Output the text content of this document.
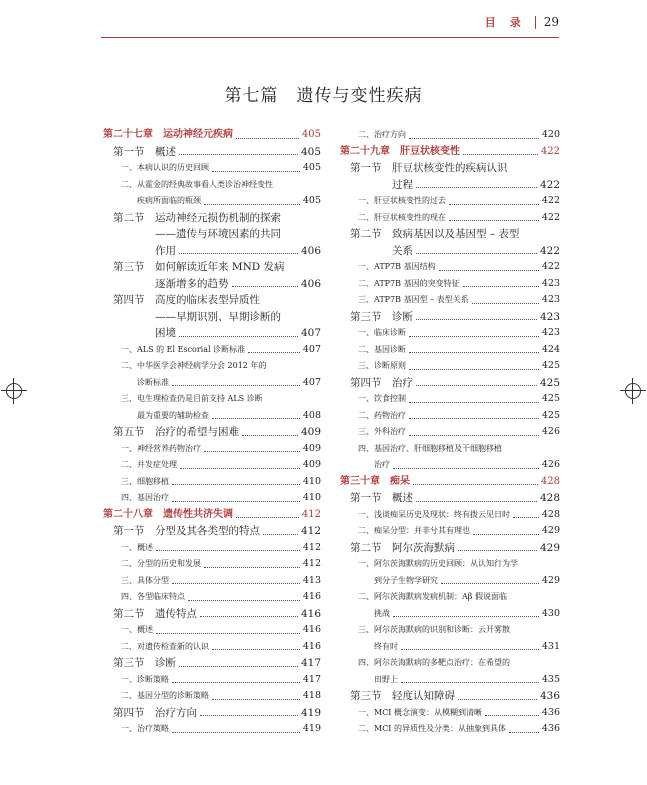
目录 29
第七篇　遗传与变性疾病
第二十七章　运动神经元疾病	405
第一节　概述	405
一、本病认识的历史回顾	405
二、从霍金的经典故事看人类诊治神经变性
疾病所面临的瓶颈	405
第二节　运动神经元损伤机制的探索
——遗传与环境因素的共同
作用	406
第三节　如何解读近年来 MND 发病
逐渐增多的趋势	406
第四节　高度的临床表型异质性
——早期识别、早期诊断的
困境	407
一、ALS 的 El Escorial 诊断标准	407
二、中华医学会神经病学分会 2012 年的
诊断标准	407
三、电生理检查仍是目前支持 ALS 诊断
最为重要的辅助检查	408
第五节　治疗的希望与困难	409
一、神经营养药物治疗	409
二、并发症处理	409
三、细胞移植	410
四、基因治疗	410
第二十八章　遗传性共济失调	412
第一节　分型及其各类型的特点	412
一、概述	412
二、分型的历史和发展	412
三、具体分型	413
四、各型临床特点	416
第二节　遗传特点	416
一、概述	416
二、对遗传检查新的认识	416
第三节　诊断	417
一、诊断策略	417
二、基因分型的诊断策略	418
第四节　治疗方向	419
一、治疗策略	419
二、治疗方向	420
第二十九章　肝豆状核变性	422
第一节　肝豆状核变性的疾病认识
过程	422
一、肝豆状核变性的过去	422
二、肝豆状核变性的现在	422
第二节　致病基因以及基因型 – 表型
关系	422
一、ATP7B 基因结构	422
二、ATP7B 基因的突变特征	423
三、ATP7B 基因型 – 表型关系	423
第三节　诊断	423
一、临床诊断	423
二、基因诊断	424
三、诊断原则	425
第四节　治疗	425
一、饮食控制	425
二、药物治疗	425
三、外科治疗	426
四、基因治疗、肝细胞移植及干细胞移植
治疗	426
第三十章　痴呆	428
第一节　概述	428
一、浅谈痴呆历史及现状：终有拨云见日时	428
二、痴呆分型：并非兮其有理也	429
第二节　阿尔茨海默病	429
一、阿尔茨海默病的历史回顾：从认知行为学
到分子生物学研究	429
二、阿尔茨海默病发病机制：Aβ 假说面临
挑战	430
三、阿尔茨海默病的识别和诊断：云开雾散
终有时	431
四、阿尔茨海默病的多靶点治疗：在希望的
田野上	435
第三节　轻度认知障碍	436
一、MCI 概念演变：从模糊到清晰	436
二、MCI 的异质性及分类：从抽象到具体	436
